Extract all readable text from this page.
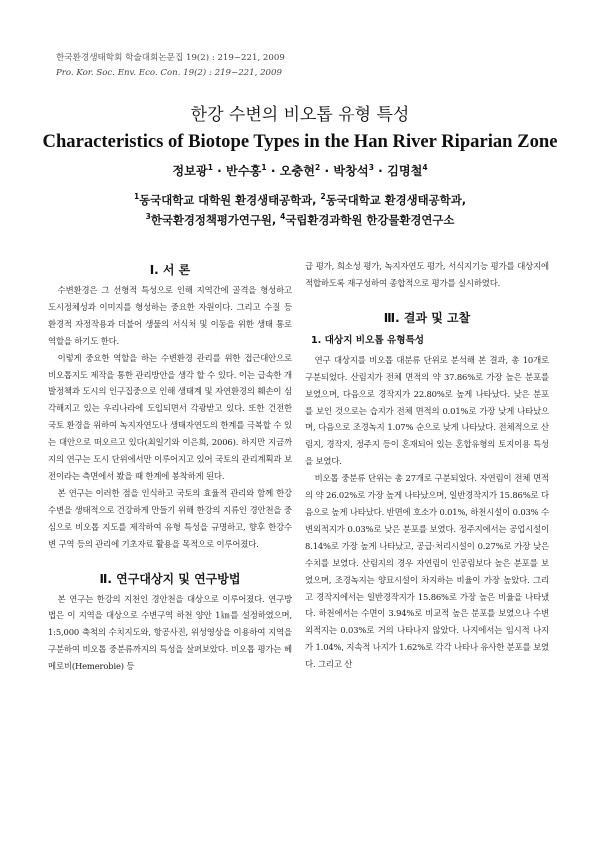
한국환경생태학회 학술대회논문집 19(2) : 219~221, 2009
Pro. Kor. Soc. Env. Eco. Con. 19(2) : 219~221, 2009
한강 수변의 비오톱 유형 특성
Characteristics of Biotope Types in the Han River Riparian Zone
정보광$^1$ · 반수홍$^1$ · 오충현$^2$ · 박창석$^3$ · 김명철$^4$
$^1$동국대학교 대학원 환경생태공학과, $^2$동국대학교 환경생태공학과,
$^3$한국환경정책평가연구원, $^4$국립환경과학원 한강물환경연구소
Ⅰ. 서 론

수변환경은 그 선형적 특성으로 인해 지역간에 골격을 형성하고 도시정체성과 이미지를 형성하는 중요한 자원이다. 그리고 수질 등 환경적 자정작용과 더불어 생물의 서식처 및 이동을 위한 생태 통로 역할을 하기도 한다.

이렇게 중요한 역할을 하는 수변환경 관리를 위한 접근대안으로 비오톱지도 제작을 통한 관리방안을 생각 할 수 있다. 이는 급속한 개발정책과 도시의 인구집중으로 인해 생태계 및 자연환경의 훼손이 심각해지고 있는 우리나라에 도입되면서 각광받고 있다. 또한 건전한 국토 환경을 위하여 녹지자연도나 생태자연도의 한계를 극복할 수 있는 대안으로 떠오르고 있다(최일기와 이은희, 2006). 하지만 지금까지의 연구는 도시 단위에서만 이루어지고 있어 국토의 관리계획과 보전이라는 측면에서 봤을 때 한계에 봉착하게 된다.

본 연구는 이러한 점을 인식하고 국토의 효율적 관리와 함께 한강수변을 생태적으로 건강하게 만들기 위해 한강의 지류인 경안천을 중심으로 비오톱 지도를 제작하여 유형 특성을 규명하고, 향후 한강수변 구역 등의 관리에 기초자료 활용을 목적으로 이루어졌다.

Ⅱ. 연구대상지 및 연구방법

본 연구는 한강의 지천인 경안천을 대상으로 이루어졌다. 연구방법은 이 지역을 대상으로 수변구역 하천 양안 1㎞를 설정하였으며, 1:5,000 축척의 수치지도와, 항공사진, 위성영상을 이용하여 지역을 구분하여 비오톱 중분류까지의 특성을 살펴보았다. 비오톱 평가는 헤메로비(Hemerobie) 등

급 평가, 희소성 평가, 녹지자연도 평가, 서식지기능 평가를 대상지에 적합하도록 재구성하여 종합적으로 평가를 실시하였다.

Ⅲ. 결과 및 고찰
1. 대상지 비오톱 유형특성

연구 대상지를 비오톱 대분류 단위로 분석해 본 결과, 총 10개로 구분되었다. 산림지가 전체 면적의 약 37.86%로 가장 높은 분포를 보였으며, 다음으로 경작지가 22.80%로 높게 나타났다. 낮은 분포를 보인 것으로는 습지가 전체 면적의 0.01%로 가장 낮게 나타났으며, 다음으로 조경녹지 1.07% 순으로 낮게 나타났다. 전체적으로 산림지, 경작지, 정주지 등이 혼재되어 있는 혼합유형의 토지이용 특성을 보였다.

비오톱 중분류 단위는 총 27개로 구분되었다. 자연림이 전체 면적의 약 26.02%로 가장 높게 나타났으며, 일반경작지가 15.86%로 다음으로 높게 나타났다. 반면에 호소가 0.01%, 하천시설이 0.03% 수변외적지가 0.03%로 낮은 분포를 보였다. 정주지에서는 공업시설이 8.14%로 가장 높게 나타났고, 공급·처리시설이 0.27%로 가장 낮은 수치를 보였다. 산림지의 경우 자연림이 인공림보다 높은 분포를 보였으며, 조경녹지는 양묘시설이 차지하는 비율이 가장 높았다. 그리고 경작지에서는 일반경작지가 15.86%로 가장 높은 비율을 나타냈다. 하천에서는 수면이 3.94%로 비교적 높은 분포를 보였으나 수변외적지는 0.03%로 거의 나타나지 않았다. 나지에서는 임시적 나지가 1.04%, 지속적 나지가 1.62%로 각각 나타나 유사한 분포를 보였다. 그리고 산
